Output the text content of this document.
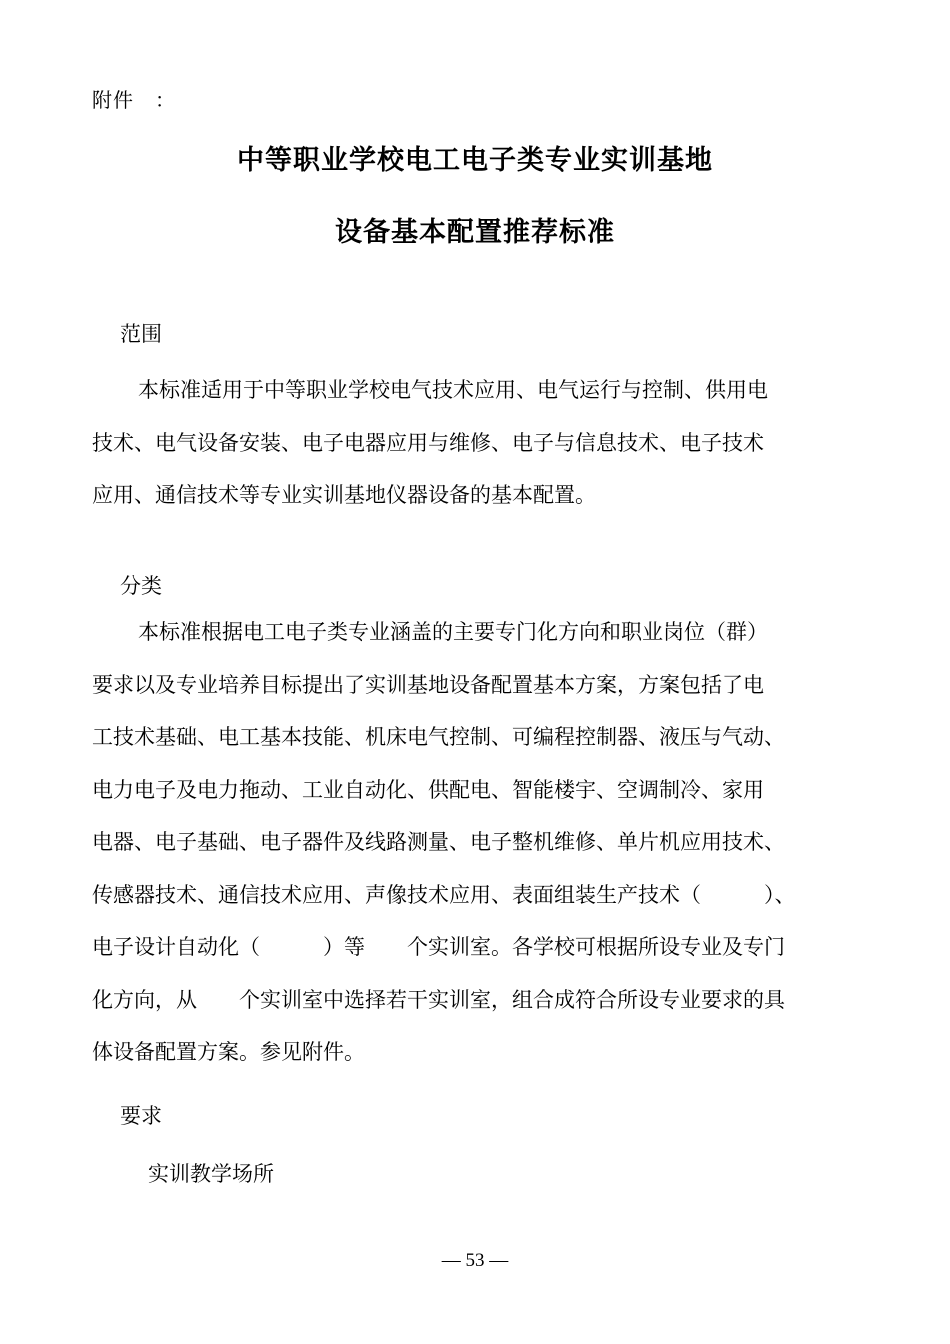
附件　：
中等职业学校电工电子类专业实训基地
设备基本配置推荐标准
范围
本标准适用于中等职业学校电气技术应用、电气运行与控制、供用电
技术、电气设备安装、电子电器应用与维修、电子与信息技术、电子技术
应用、通信技术等专业实训基地仪器设备的基本配置。
分类
本标准根据电工电子类专业涵盖的主要专门化方向和职业岗位（群）
要求以及专业培养目标提出了实训基地设备配置基本方案，方案包括了电
工技术基础、电工基本技能、机床电气控制、可编程控制器、液压与气动、
电力电子及电力拖动、工业自动化、供配电、智能楼宇、空调制冷、家用
电器、电子基础、电子器件及线路测量、电子整机维修、单片机应用技术、
传感器技术、通信技术应用、声像技术应用、表面组装生产技术（　　　）、
电子设计自动化（　　　）等　　个实训室。各学校可根据所设专业及专门
化方向，从　　个实训室中选择若干实训室，组合成符合所设专业要求的具
体设备配置方案。参见附件。
要求
实训教学场所
— 53 —
